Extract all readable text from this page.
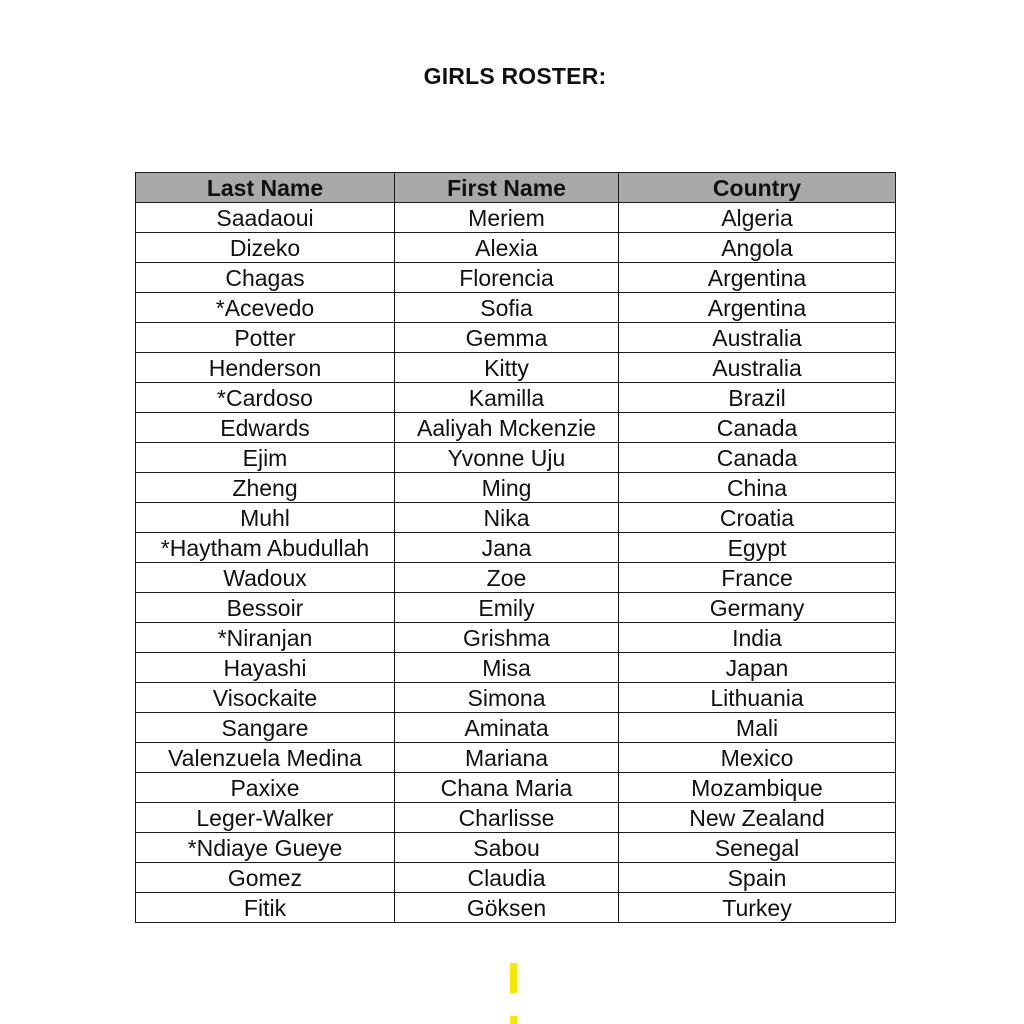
GIRLS ROSTER:
Last Name	First Name	Country
Saadaoui	Meriem	Algeria
Dizeko	Alexia	Angola
Chagas	Florencia	Argentina
*Acevedo	Sofia	Argentina
Potter	Gemma	Australia
Henderson	Kitty	Australia
*Cardoso	Kamilla	Brazil
Edwards	Aaliyah Mckenzie	Canada
Ejim	Yvonne Uju	Canada
Zheng	Ming	China
Muhl	Nika	Croatia
*Haytham Abudullah	Jana	Egypt
Wadoux	Zoe	France
Bessoir	Emily	Germany
*Niranjan	Grishma	India
Hayashi	Misa	Japan
Visockaite	Simona	Lithuania
Sangare	Aminata	Mali
Valenzuela Medina	Mariana	Mexico
Paxixe	Chana Maria	Mozambique
Leger-Walker	Charlisse	New Zealand
*Ndiaye Gueye	Sabou	Senegal
Gomez	Claudia	Spain
Fitik	Göksen	Turkey
